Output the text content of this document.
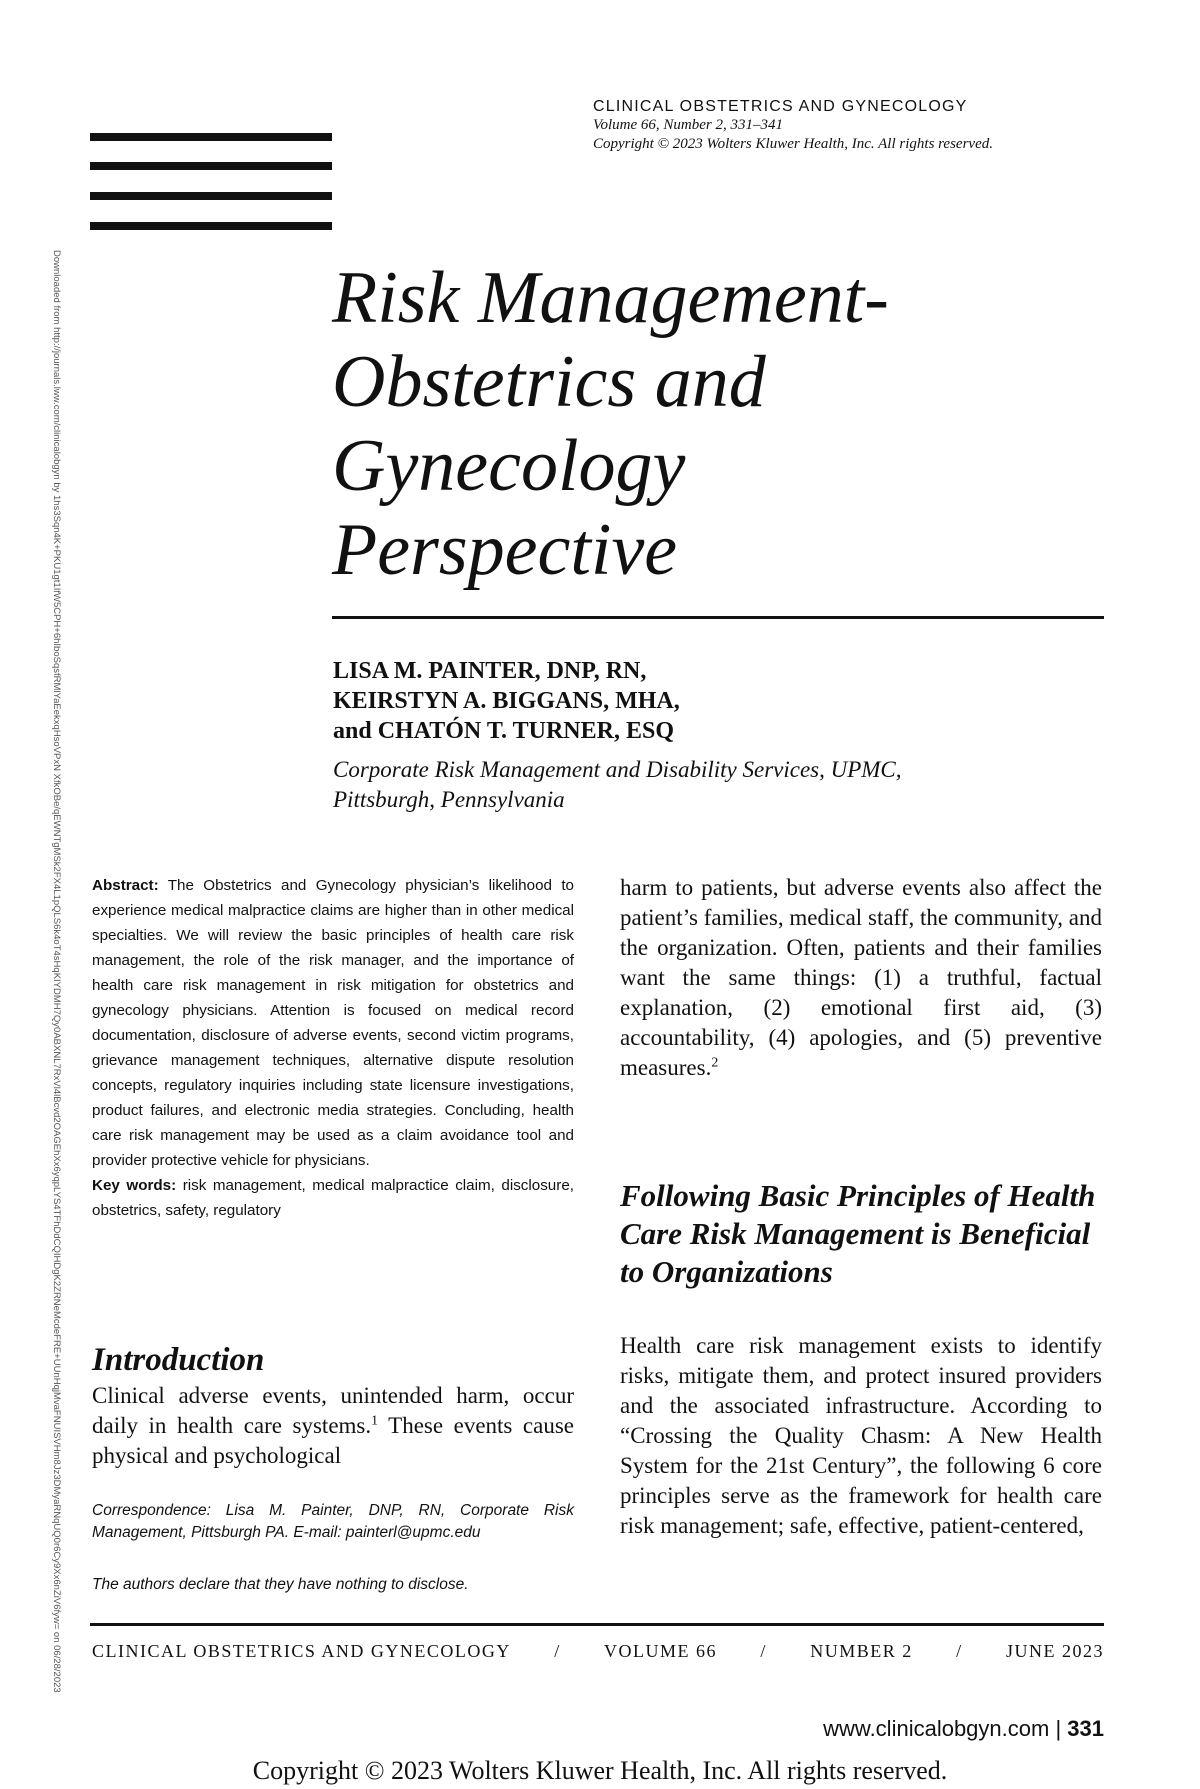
Downloaded from http://journals.lww.com/clinicalobgyn by 1hs3Sqn4K+PKU1gt1IfW5CPH+6hIboSqsfRMlYaEekxqHsoVPxN XfkOBe/qEWNTgMSk2FX4L1pQLS6k4oT4sHqKIYDMH7Qy0ABXNL7RxVl4lBcvd2OAGEhXx6yqpLYS4TFhDdCQIHDgK2ZRNeMcdeFRE+UUnHqjMvaFNUISVHm8Jz3DMyaRNqUQ0r6Cy9Xx6nZiV6fyw= on 06/28/2023
CLINICAL OBSTETRICS AND GYNECOLOGY
Volume 66, Number 2, 331–341
Copyright © 2023 Wolters Kluwer Health, Inc. All rights reserved.
Risk Management-
Obstetrics and
Gynecology
Perspective
LISA M. PAINTER, DNP, RN,
KEIRSTYN A. BIGGANS, MHA,
and CHATÓN T. TURNER, ESQ
Corporate Risk Management and Disability Services, UPMC,
Pittsburgh, Pennsylvania
Abstract: The Obstetrics and Gynecology physician’s likelihood to experience medical malpractice claims are higher than in other medical specialties. We will review the basic principles of health care risk management, the role of the risk manager, and the importance of health care risk management in risk mitigation for obstetrics and gynecology physicians. Attention is focused on medical record documentation, disclosure of adverse events, second victim programs, grievance management techniques, alternative dispute resolution concepts, regulatory inquiries including state licensure investigations, product failures, and electronic media strategies. Concluding, health care risk management may be used as a claim avoidance tool and provider protective vehicle for physicians.
Key words: risk management, medical malpractice claim, disclosure, obstetrics, safety, regulatory
Introduction
Clinical adverse events, unintended harm, occur daily in health care systems.$^1$ These events cause physical and psychological
Correspondence: Lisa M. Painter, DNP, RN, Corporate Risk Management, Pittsburgh PA. E-mail: painterl@upmc.edu
The authors declare that they have nothing to disclose.
harm to patients, but adverse events also affect the patient’s families, medical staff, the community, and the organization. Often, patients and their families want the same things: (1) a truthful, factual explanation, (2) emotional first aid, (3) accountability, (4) apologies, and (5) preventive measures.$^2$
Following Basic Principles of Health Care Risk Management is Beneficial to Organizations
Health care risk management exists to identify risks, mitigate them, and protect insured providers and the associated infrastructure. According to “Crossing the Quality Chasm: A New Health System for the 21st Century”, the following 6 core principles serve as the framework for health care risk management; safe, effective, patient-centered,
CLINICAL OBSTETRICS AND GYNECOLOGY / VOLUME 66 / NUMBER 2 / JUNE 2023
www.clinicalobgyn.com | 331
Copyright © 2023 Wolters Kluwer Health, Inc. All rights reserved.
